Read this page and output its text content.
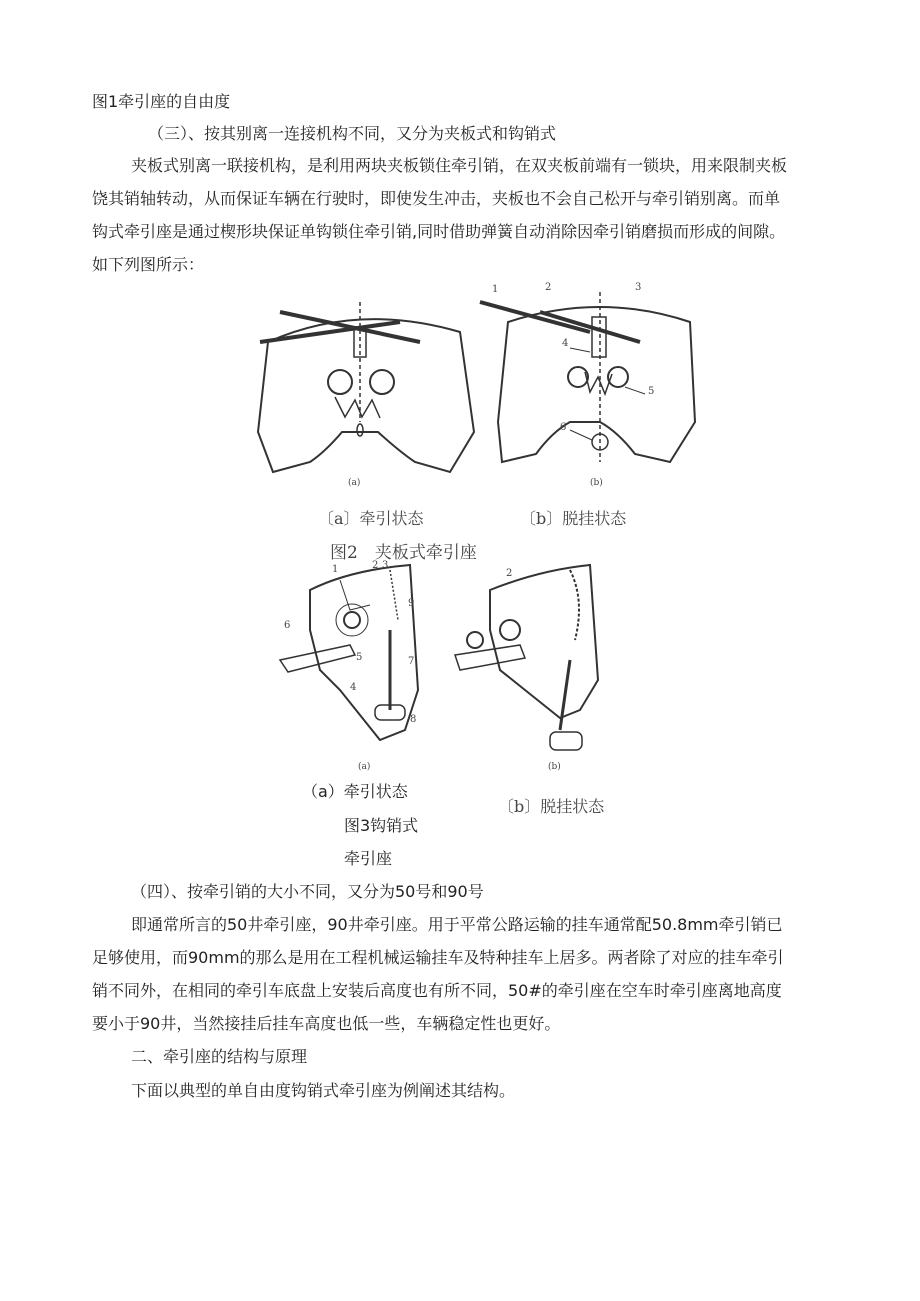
图1牵引座的自由度
（三）、按其别离一连接机构不同，又分为夹板式和钩销式
夹板式别离一联接机构，是利用两块夹板锁住牵引销，在双夹板前端有一锁块，用来限制夹板
饶其销轴转动，从而保证车辆在行驶时，即使发生冲击，夹板也不会自己松开与牵引销别离。而单
钩式牵引座是通过楔形块保证单钩锁住牵引销,同时借助弹簧自动消除因牵引销磨损而形成的间隙。
如下列图所示：
(a)	(b)
1	2	3
4
5
6
〔a〕牵引状态	〔b〕脱挂状态
图2　夹板式牵引座
(a)	(b)
1	2 3
4
5
6
7
8
9
2
（a）牵引状态
〔b〕脱挂状态
图3钩销式
牵引座
（四）、按牵引销的大小不同，又分为50号和90号
即通常所言的50井牵引座，90井牵引座。用于平常公路运输的挂车通常配50.8mm牵引销已
足够使用，而90mm的那么是用在工程机械运输挂车及特种挂车上居多。两者除了对应的挂车牵引
销不同外，在相同的牵引车底盘上安装后高度也有所不同，50#的牵引座在空车时牵引座离地高度
要小于90井，当然接挂后挂车高度也低一些，车辆稳定性也更好。
二、牵引座的结构与原理
下面以典型的单自由度钩销式牵引座为例阐述其结构。
